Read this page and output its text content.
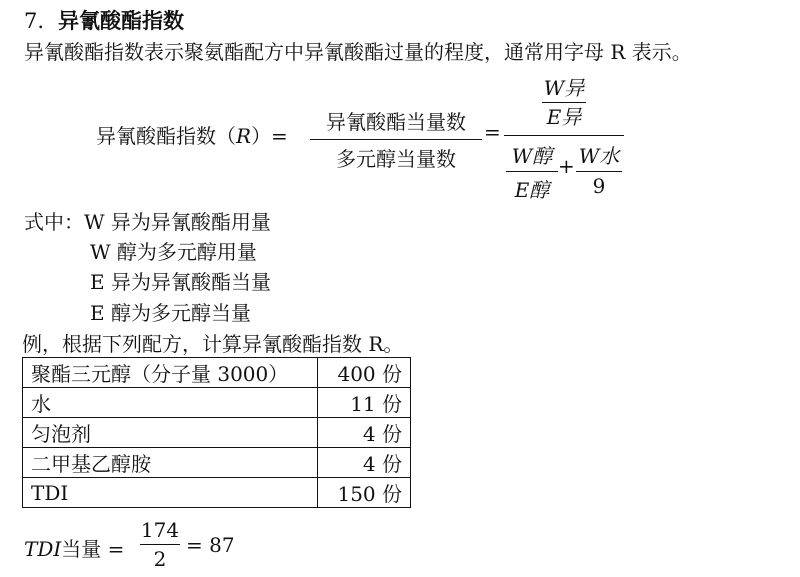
7. 异氰酸酯指数
异氰酸酯指数表示聚氨酯配方中异氰酸酯过量的程度，通常用字母 R 表示。
异氰酸酯指数（R）=
异氰酸酯当量数
多元醇当量数
=
W异
E异
W醇
E醇
+ W水
9
式中：W 异为异氰酸酯用量
W 醇为多元醇用量
E 异为异氰酸酯当量
E 醇为多元醇当量
例，根据下列配方，计算异氰酸酯指数 R。
聚酯三元醇（分子量 3000）	400 份
水	11 份
匀泡剂	4 份
二甲基乙醇胺	4 份
TDI	150 份
TDI当量 =
174
2
= 87
